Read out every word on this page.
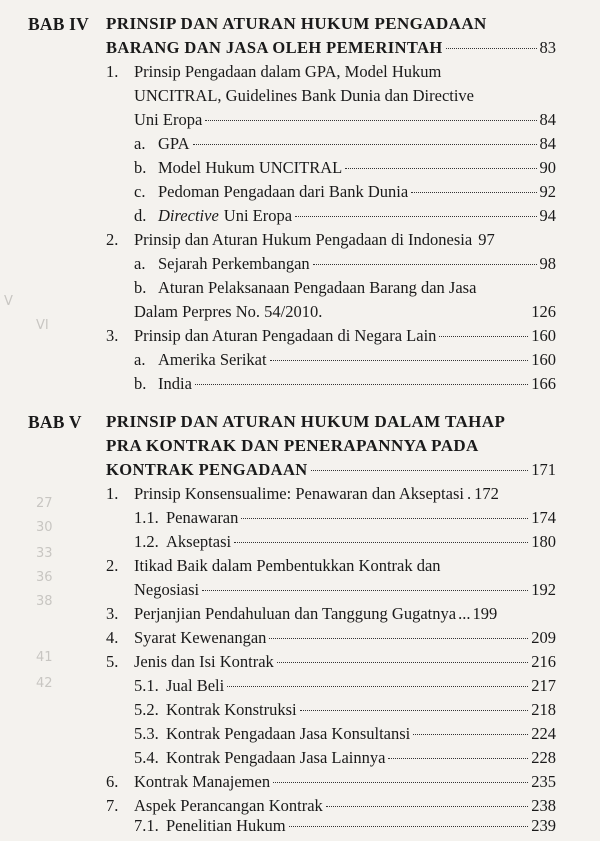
V
VI
27
30
33
36
38
41
42
BAB IV PRINSIP DAN ATURAN HUKUM PENGADAAN
BARANG DAN JASA OLEH PEMERINTAH	83
1. Prinsip Pengadaan dalam GPA, Model Hukum
UNCITRAL, Guidelines Bank Dunia dan Directive
Uni Eropa	84
a. GPA	84
b. Model Hukum UNCITRAL	90
c. Pedoman Pengadaan dari Bank Dunia	92
d. Directive Uni Eropa	94
2. Prinsip dan Aturan Hukum Pengadaan di Indonesia 97
a. Sejarah Perkembangan	98
b. Aturan Pelaksanaan Pengadaan Barang dan Jasa
Dalam Perpres No. 54/2010.	126
3. Prinsip dan Aturan Pengadaan di Negara Lain	160
a. Amerika Serikat	160
b. India	166
BAB V PRINSIP DAN ATURAN HUKUM DALAM TAHAP
PRA KONTRAK DAN PENERAPANNYA PADA
KONTRAK PENGADAAN	171
1. Prinsip Konsensualime: Penawaran dan Akseptasi . 172
1.1. Penawaran	174
1.2. Akseptasi	180
2. Itikad Baik dalam Pembentukkan Kontrak dan
Negosiasi	192
3. Perjanjian Pendahuluan dan Tanggung Gugatnya ... 199
4. Syarat Kewenangan	209
5. Jenis dan Isi Kontrak	216
5.1. Jual Beli	217
5.2. Kontrak Konstruksi	218
5.3. Kontrak Pengadaan Jasa Konsultansi	224
5.4. Kontrak Pengadaan Jasa Lainnya	228
6. Kontrak Manajemen	235
7. Aspek Perancangan Kontrak	238
7.1. Penelitian Hukum	239
